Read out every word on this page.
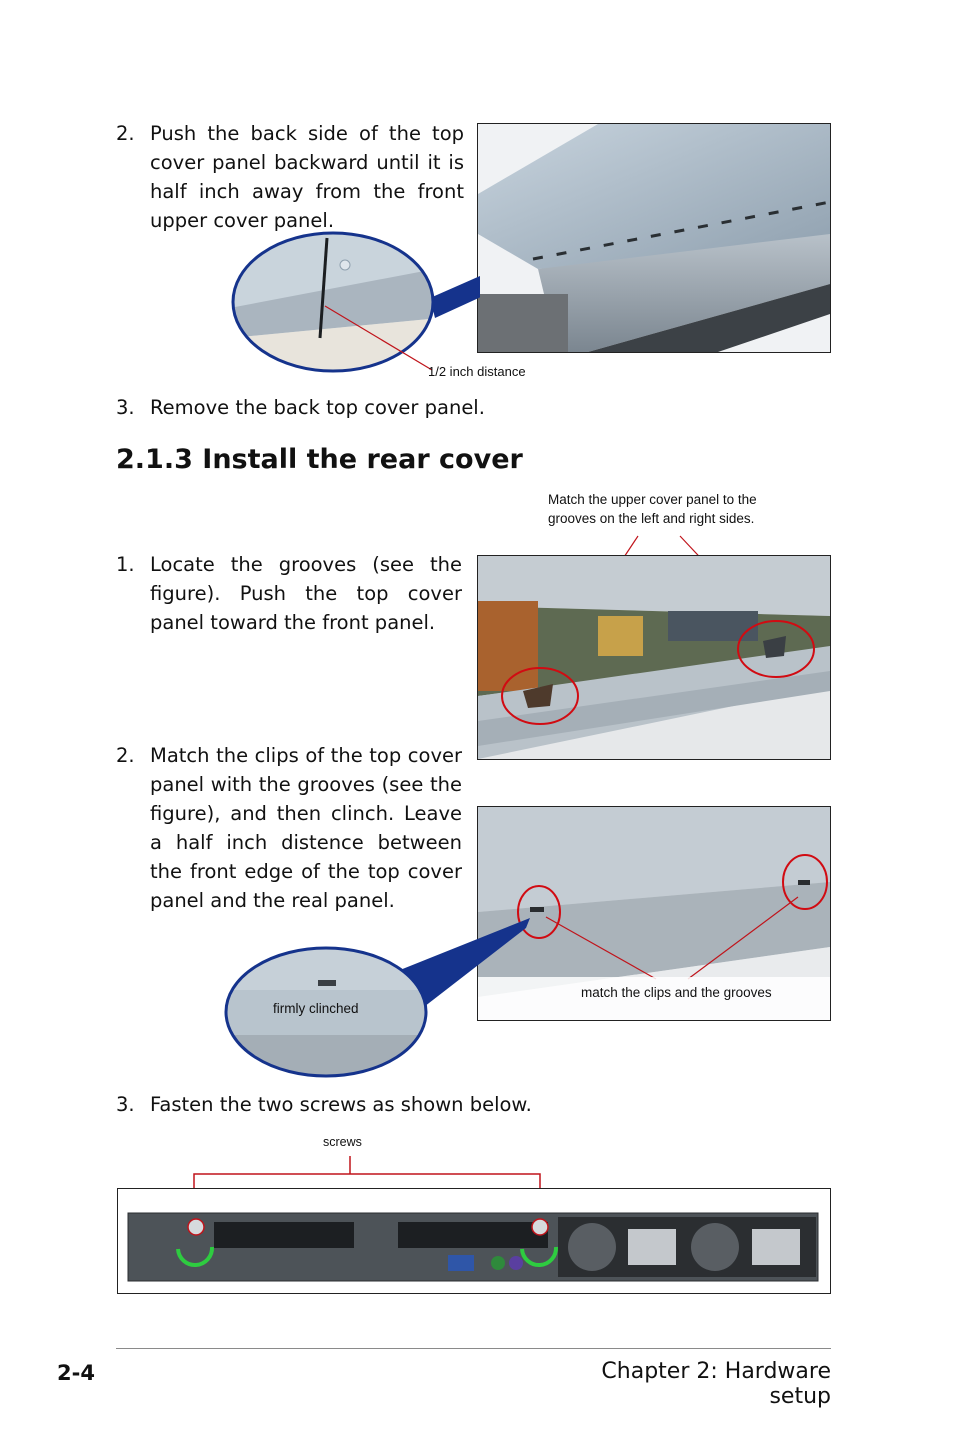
2. Push the back side of the top cover panel backward until it is half inch away from the front upper cover panel.
1/2 inch distance
3. Remove the back top cover panel.
2.1.3 Install the rear cover
Match the upper cover panel to the grooves on the left and right sides.
1. Locate the grooves (see the figure). Push the top cover panel toward the front panel.
2. Match the clips of the top cover panel with the grooves (see the figure), and then clinch. Leave a half inch distence between the front edge of the top cover panel and the real panel.
match the clips and the grooves
firmly clinched
3. Fasten the two screws as shown below.
screws
2-4	Chapter 2: Hardware setup
